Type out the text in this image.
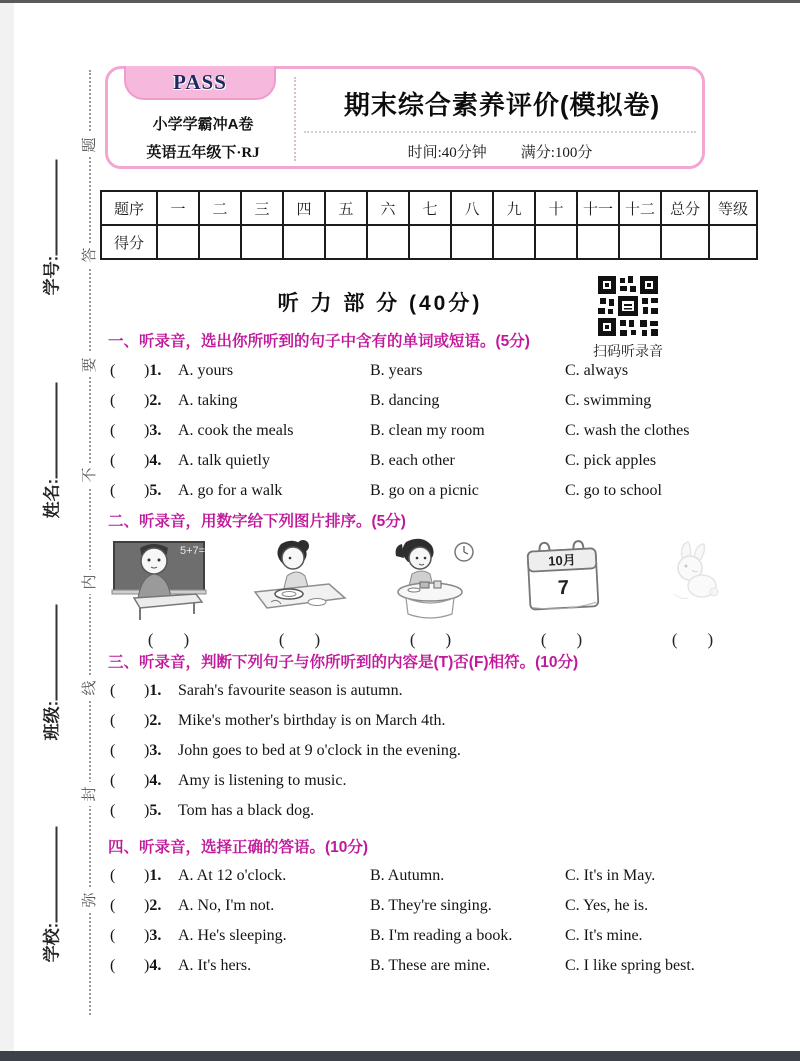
学号:
姓名:
班级:
学校:
题
答
要
不
内
线
封
弥
PASS
小学学霸冲A卷
英语五年级下·RJ
期末综合素养评价(模拟卷)
时间:40分钟 满分:100分
题序	一	二	三	四	五	六	七	八	九	十	十一	十二	总分	等级
得分														
听 力 部 分 (40分)
扫码听录音
一、听录音，选出你所听到的句子中含有的单词或短语。(5分)
( )1. A. yours	B. years	C. always
( )2. A. taking	B. dancing	C. swimming
( )3. A. cook the meals	B. clean my room	C. wash the clothes
( )4. A. talk quietly	B. each other	C. pick apples
( )5. A. go for a walk	B. go on a picnic	C. go to school
二、听录音，用数字给下列图片排序。(5分)
5+7=
10月
7
( )	( )	( )	( )	( )
三、听录音，判断下列句子与你所听到的内容是(T)否(F)相符。(10分)
( )1. Sarah's favourite season is autumn.
( )2. Mike's mother's birthday is on March 4th.
( )3. John goes to bed at 9 o'clock in the evening.
( )4. Amy is listening to music.
( )5. Tom has a black dog.
四、听录音，选择正确的答语。(10分)
( )1. A. At 12 o'clock.	B. Autumn.	C. It's in May.
( )2. A. No, I'm not.	B. They're singing.	C. Yes, he is.
( )3. A. He's sleeping.	B. I'm reading a book.	C. It's mine.
( )4. A. It's hers.	B. These are mine.	C. I like spring best.
